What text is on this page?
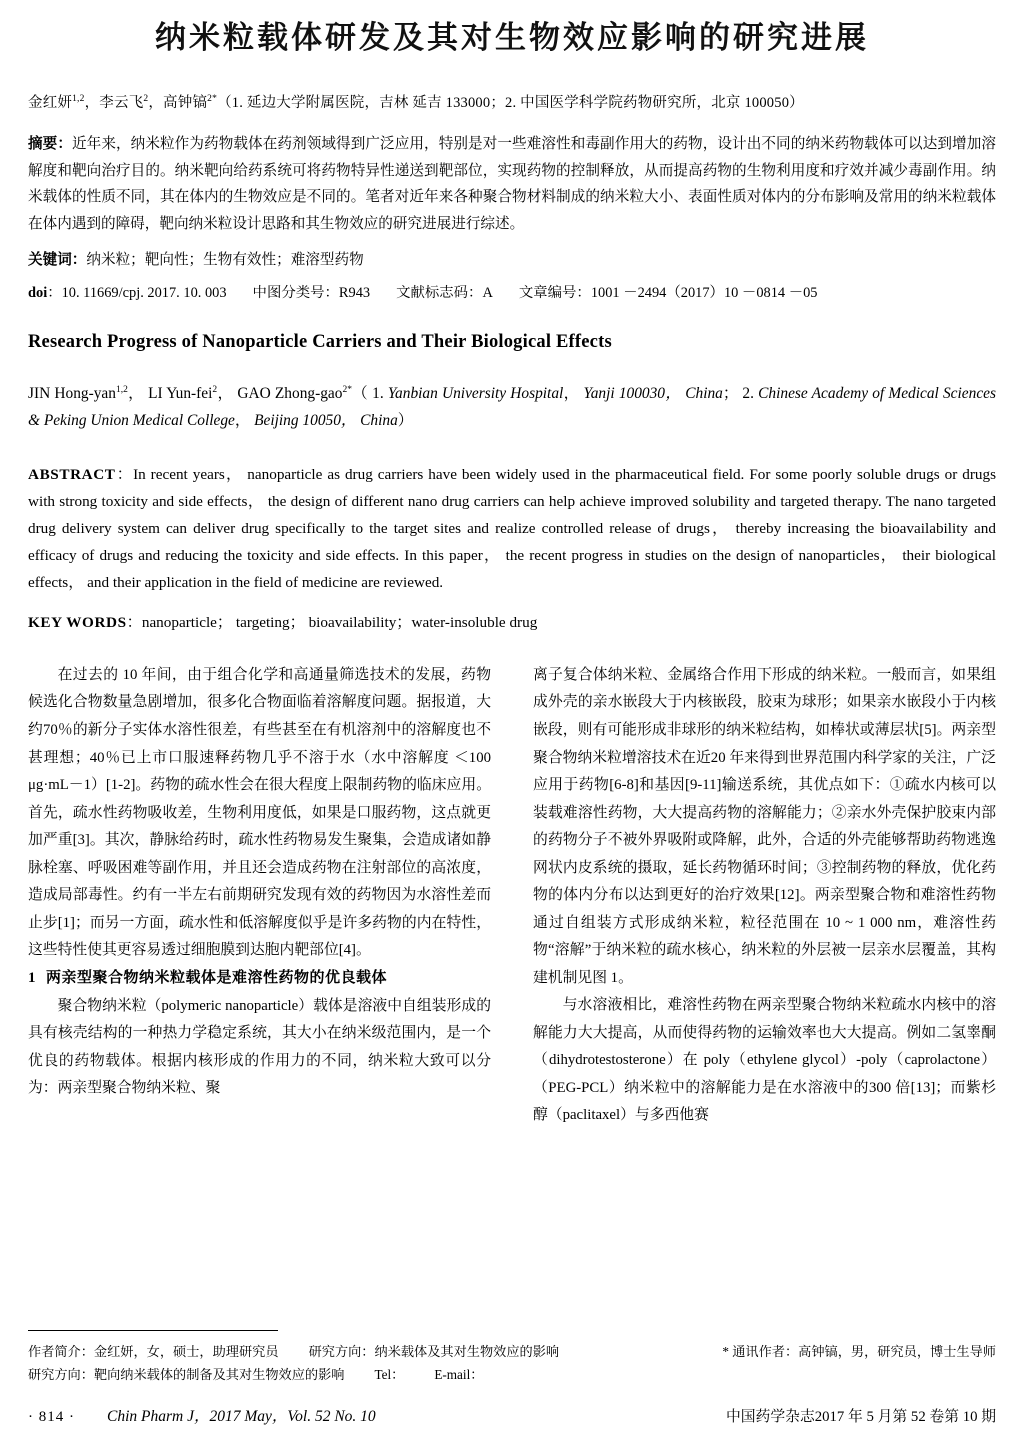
纳米粒载体研发及其对生物效应影响的研究进展
金红妍$^{1,2}$，李云飞$^2$，高钟镐$^{2*}$（1. 延边大学附属医院，吉林 延吉 133000；2. 中国医学科学院药物研究所，北京 100050）
摘要：近年来，纳米粒作为药物载体在药剂领域得到广泛应用，特别是对一些难溶性和毒副作用大的药物，设计出不同的纳米药物载体可以达到增加溶解度和靶向治疗目的。纳米靶向给药系统可将药物特异性递送到靶部位，实现药物的控制释放，从而提高药物的生物利用度和疗效并减少毒副作用。纳米载体的性质不同，其在体内的生物效应是不同的。笔者对近年来各种聚合物材料制成的纳米粒大小、表面性质对体内的分布影响及常用的纳米粒载体在体内遇到的障碍，靶向纳米粒设计思路和其生物效应的研究进展进行综述。
关键词：纳米粒；靶向性；生物有效性；难溶型药物
doi：10. 11669/cpj. 2017. 10. 003 中图分类号：R943 文献标志码：A 文章编号：1001 －2494（2017）10 －0814 －05
Research Progress of Nanoparticle Carriers and Their Biological Effects
JIN Hong-yan$^{1,2}$， LI Yun-fei$^2$， GAO Zhong-gao$^{2*}$（ 1. Yanbian University Hospital， Yanji 100030， China； 2. Chinese Academy of Medical Sciences & Peking Union Medical College， Beijing 10050， China）
ABSTRACT：In recent years， nanoparticle as drug carriers have been widely used in the pharmaceutical field. For some poorly soluble drugs or drugs with strong toxicity and side effects， the design of different nano drug carriers can help achieve improved solubility and targeted therapy. The nano targeted drug delivery system can deliver drug specifically to the target sites and realize controlled release of drugs， thereby increasing the bioavailability and efficacy of drugs and reducing the toxicity and side effects. In this paper， the recent progress in studies on the design of nanoparticles， their biological effects， and their application in the field of medicine are reviewed.
KEY WORDS：nanoparticle； targeting； bioavailability；water-insoluble drug

在过去的 10 年间，由于组合化学和高通量筛选技术的发展，药物候选化合物数量急剧增加，很多化合物面临着溶解度问题。据报道，大约70％的新分子实体水溶性很差，有些甚至在有机溶剂中的溶解度也不甚理想；40％已上市口服速释药物几乎不溶于水（水中溶解度 ＜100 μg·mL－1）[1-2]。药物的疏水性会在很大程度上限制药物的临床应用。首先，疏水性药物吸收差，生物利用度低，如果是口服药物，这点就更加严重[3]。其次，静脉给药时，疏水性药物易发生聚集，会造成诸如静脉栓塞、呼吸困难等副作用，并且还会造成药物在注射部位的高浓度，造成局部毒性。约有一半左右前期研究发现有效的药物因为水溶性差而止步[1]；而另一方面，疏水性和低溶解度似乎是许多药物的内在特性，这些特性使其更容易透过细胞膜到达胞内靶部位[4]。

1 两亲型聚合物纳米粒载体是难溶性药物的优良载体

聚合物纳米粒（polymeric nanoparticle）载体是溶液中自组装形成的具有核壳结构的一种热力学稳定系统，其大小在纳米级范围内，是一个优良的药物载体。根据内核形成的作用力的不同，纳米粒大致可以分为：两亲型聚合物纳米粒、聚

离子复合体纳米粒、金属络合作用下形成的纳米粒。一般而言，如果组成外壳的亲水嵌段大于内核嵌段，胶束为球形；如果亲水嵌段小于内核嵌段，则有可能形成非球形的纳米粒结构，如棒状或薄层状[5]。两亲型聚合物纳米粒增溶技术在近20 年来得到世界范围内科学家的关注，广泛应用于药物[6-8]和基因[9-11]输送系统，其优点如下：①疏水内核可以装载难溶性药物，大大提高药物的溶解能力；②亲水外壳保护胶束内部的药物分子不被外界吸附或降解，此外，合适的外壳能够帮助药物逃逸网状内皮系统的摄取，延长药物循环时间；③控制药物的释放，优化药物的体内分布以达到更好的治疗效果[12]。两亲型聚合物和难溶性药物通过自组装方式形成纳米粒，粒径范围在 10 ~ 1 000 nm，难溶性药物“溶解”于纳米粒的疏水核心，纳米粒的外层被一层亲水层覆盖，其构建机制见图 1。

与水溶液相比，难溶性药物在两亲型聚合物纳米粒疏水内核中的溶解能力大大提高，从而使得药物的运输效率也大大提高。例如二氢睾酮（dihydrotestosterone）在 poly（ethylene glycol）-poly（caprolactone）（PEG-PCL）纳米粒中的溶解能力是在水溶液中的300 倍[13]；而紫杉醇（paclitaxel）与多西他赛

作者简介：金红妍，女，硕士，助理研究员 研究方向：纳米载体及其对生物效应的影响	* 通讯作者：高钟镐，男，研究员，博士生导师
研究方向：靶向纳米载体的制备及其对生物效应的影响 Tel： E-mail：
· 814 · Chin Pharm J，2017 May，Vol. 52 No. 10	中国药学杂志2017 年 5 月第 52 卷第 10 期
